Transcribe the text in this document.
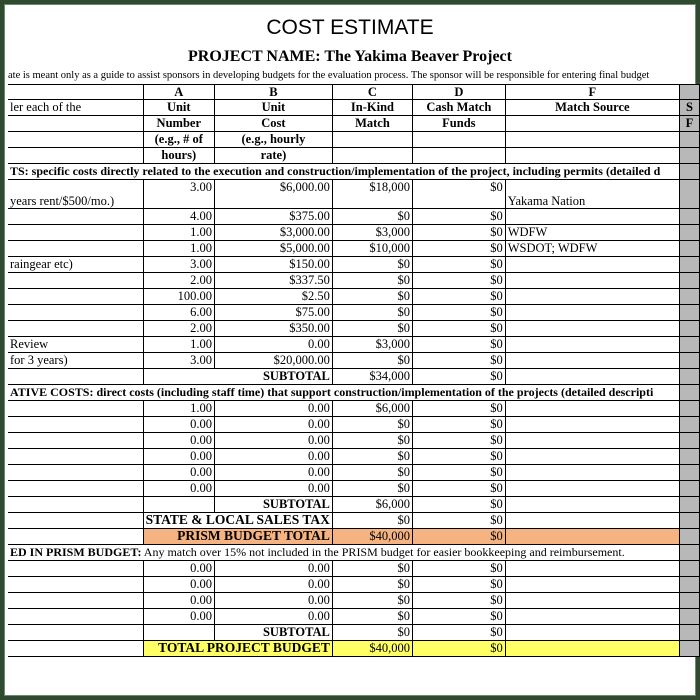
COST ESTIMATE
PROJECT NAME: The Yakima Beaver Project
ate is meant only as a guide to assist sponsors in developing budgets for the evaluation process. The sponsor will be responsible for entering final budget
	A	B	C	D	F	
ler each of the	Unit	Unit	In-Kind	Cash Match	Match Source	S
	Number	Cost	Match	Funds		F
	(e.g., # of	(e.g., hourly				
	hours)	rate)				
TS: specific costs directly related to the execution and construction/implementation of the project, including permits (detailed d						
years rent/$500/mo.)	3.00	$6,000.00	$18,000	$0	Yakama Nation	
	4.00	$375.00	$0	$0		
	1.00	$3,000.00	$3,000	$0	WDFW	
	1.00	$5,000.00	$10,000	$0	WSDOT; WDFW	
raingear etc)	3.00	$150.00	$0	$0		
	2.00	$337.50	$0	$0		
	100.00	$2.50	$0	$0		
	6.00	$75.00	$0	$0		
	2.00	$350.00	$0	$0		
Review	1.00	0.00	$3,000	$0		
for 3 years)	3.00	$20,000.00	$0	$0		
		SUBTOTAL	$34,000	$0		
ATIVE COSTS: direct costs (including staff time) that support construction/implementation of the projects (detailed descripti						
	1.00	0.00	$6,000	$0		
	0.00	0.00	$0	$0		
	0.00	0.00	$0	$0		
	0.00	0.00	$0	$0		
	0.00	0.00	$0	$0		
	0.00	0.00	$0	$0		
		SUBTOTAL	$6,000	$0		
	STATE & LOCAL SALES TAX		$0	$0		
	PRISM BUDGET TOTAL		$40,000	$0		
ED IN PRISM BUDGET: Any match over 15% not included in the PRISM budget for easier bookkeeping and reimbursement.						
	0.00	0.00	$0	$0		
	0.00	0.00	$0	$0		
	0.00	0.00	$0	$0		
	0.00	0.00	$0	$0		
		SUBTOTAL	$0	$0		
	TOTAL PROJECT BUDGET		$40,000	$0		
